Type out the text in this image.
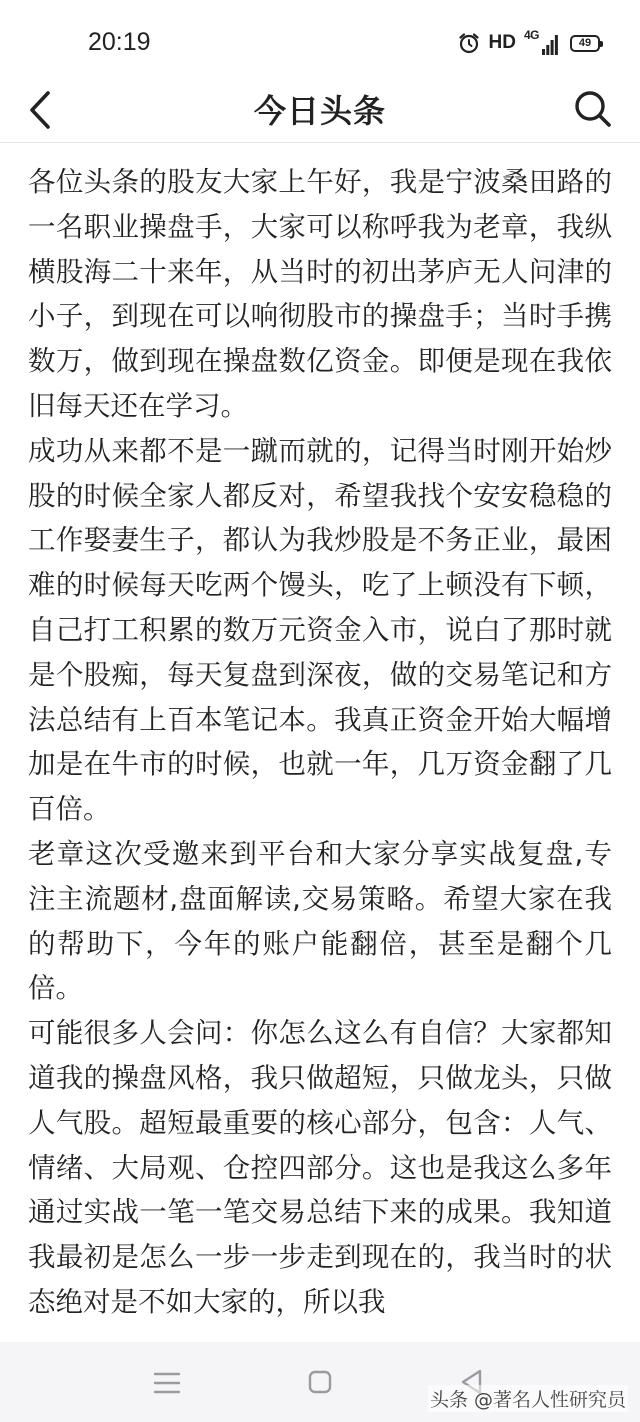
20:19	HD 4G
49
今日头条

各位头条的股友大家上午好，我是宁波桑田路的一名职业操盘手，大家可以称呼我为老章，我纵横股海二十来年，从当时的初出茅庐无人问津的小子，到现在可以响彻股市的操盘手；当时手携数万，做到现在操盘数亿资金。即便是现在我依旧每天还在学习。

成功从来都不是一蹴而就的，记得当时刚开始炒股的时候全家人都反对，希望我找个安安稳稳的工作娶妻生子，都认为我炒股是不务正业，最困难的时候每天吃两个馒头，吃了上顿没有下顿，自己打工积累的数万元资金入市，说白了那时就是个股痴，每天复盘到深夜，做的交易笔记和方法总结有上百本笔记本。我真正资金开始大幅增加是在牛市的时候，也就一年，几万资金翻了几百倍。

老章这次受邀来到平台和大家分享实战复盘,专注主流题材,盘面解读,交易策略。希望大家在我的帮助下，今年的账户能翻倍，甚至是翻个几倍。

可能很多人会问：你怎么这么有自信？大家都知道我的操盘风格，我只做超短，只做龙头，只做人气股。超短最重要的核心部分，包含：人气、情绪、大局观、仓控四部分。这也是我这么多年通过实战一笔一笔交易总结下来的成果。我知道我最初是怎么一步一步走到现在的，我当时的状态绝对是不如大家的，所以我

头条 @著名人性研究员
